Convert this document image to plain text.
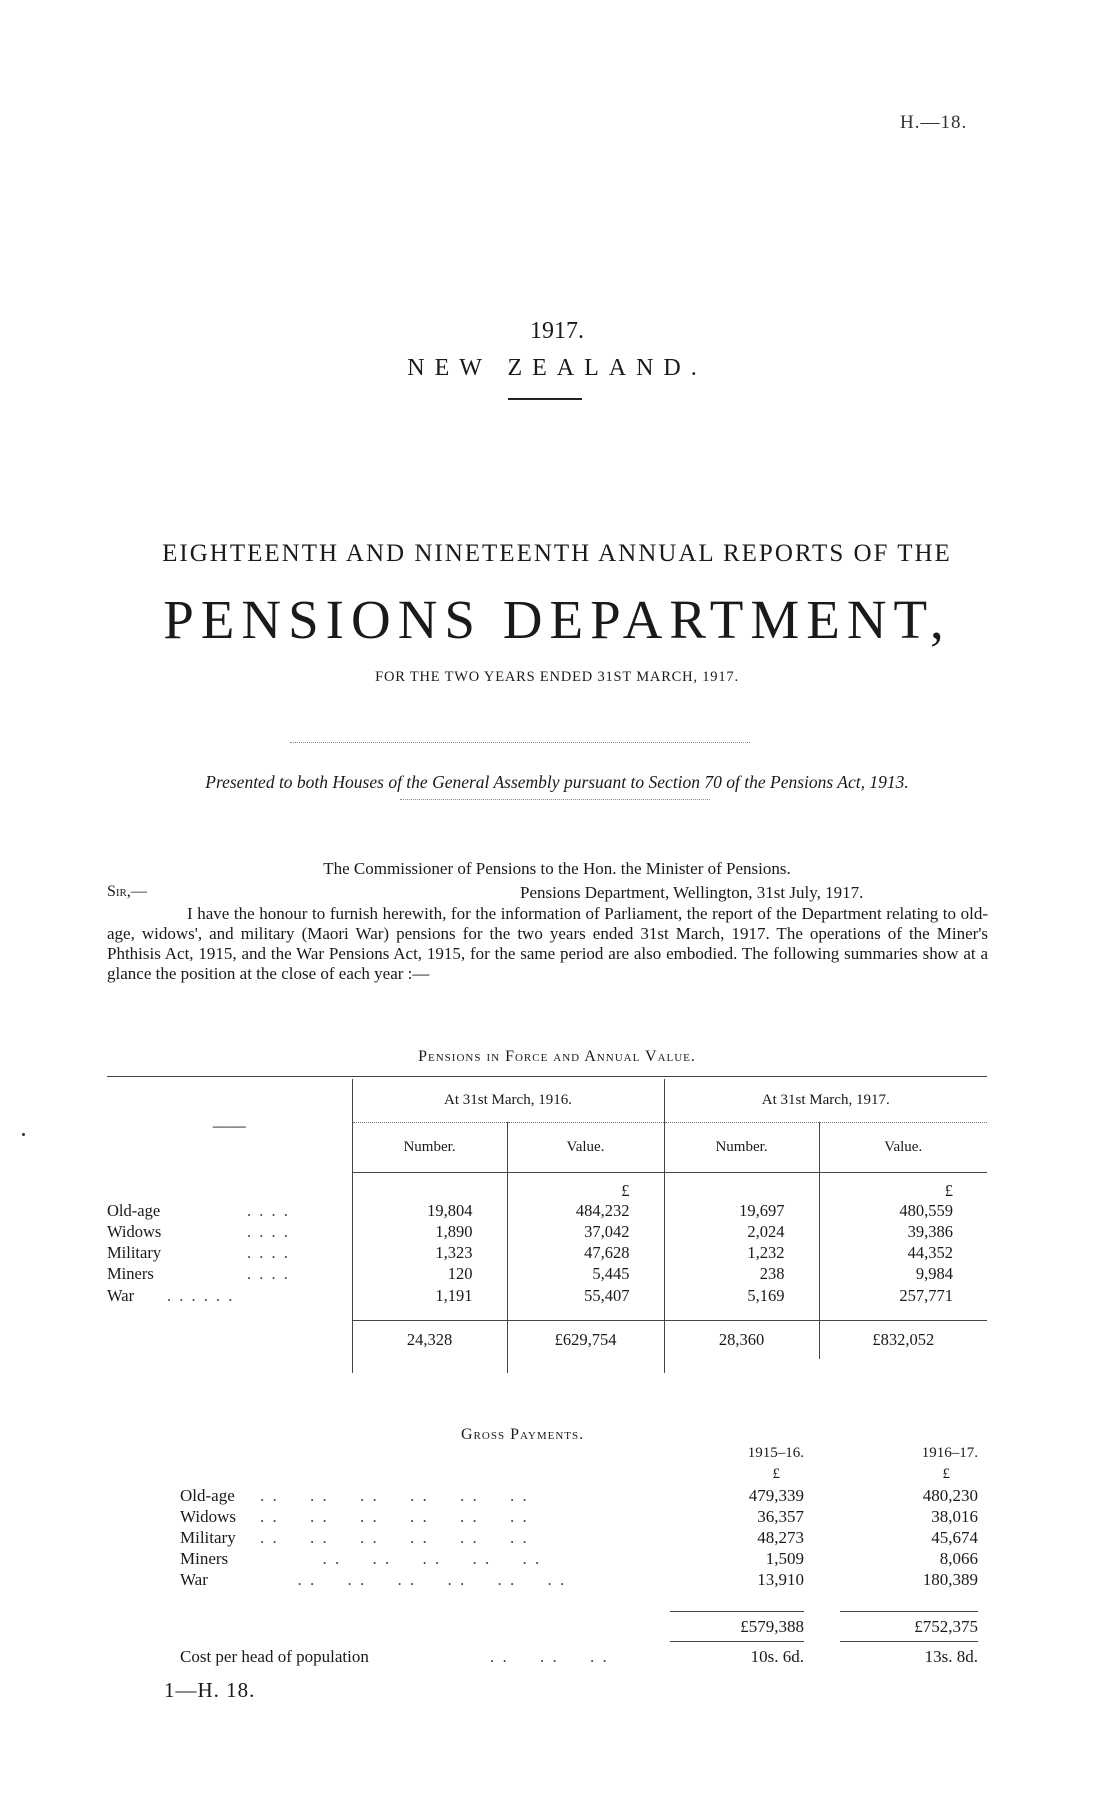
H.—18.
1917.
NEW ZEALAND.
EIGHTEENTH AND NINETEENTH ANNUAL REPORTS OF THE
PENSIONS DEPARTMENT,
FOR THE TWO YEARS ENDED 31ST MARCH, 1917.
Presented to both Houses of the General Assembly pursuant to Section 70 of the Pensions Act, 1913.
The Commissioner of Pensions to the Hon. the Minister of Pensions.
Sir,—	Pensions Department, Wellington, 31st July, 1917.
I have the honour to furnish herewith, for the information of Parliament, the report of the Department relating to old-age, widows', and military (Maori War) pensions for the two years ended 31st March, 1917. The operations of the Miner's Phthisis Act, 1915, and the War Pensions Act, 1915, for the same period are also embodied. The following summaries show at a glance the position at the close of each year :—
Pensions in Force and Annual Value.

——	At 31st March, 1916.		At 31st March, 1917.	
	Number.	Value.	Number.	Value.
		£		£
Old-age . . . .	19,804	484,232	19,697	480,559
Widows . . . .	1,890	37,042	2,024	39,386
Military . . . .	1,323	47,628	1,232	44,352
Miners . . . .	120	5,445	238	9,984
War . . . . . .	1,191	55,407	5,169	257,771

	24,328	£629,754	28,360	£832,052

Gross Payments.
		1915–16.		1916–17.
		£		£
Old-age	. .     . .     . .     . .     . .     . .	479,339		480,230
Widows	. .     . .     . .     . .     . .     . .	36,357		38,016
Military	. .     . .     . .     . .     . .     . .	48,273		45,674
Miners	. .     . .     . .     . .     . .	1,509		8,066
War	. .     . .     . .     . .     . .     . .	13,910		180,389

		£579,388		£752,375
Cost per head of population . .     . .     . .		10s. 6d.		13s. 8d.
1—H. 18.
